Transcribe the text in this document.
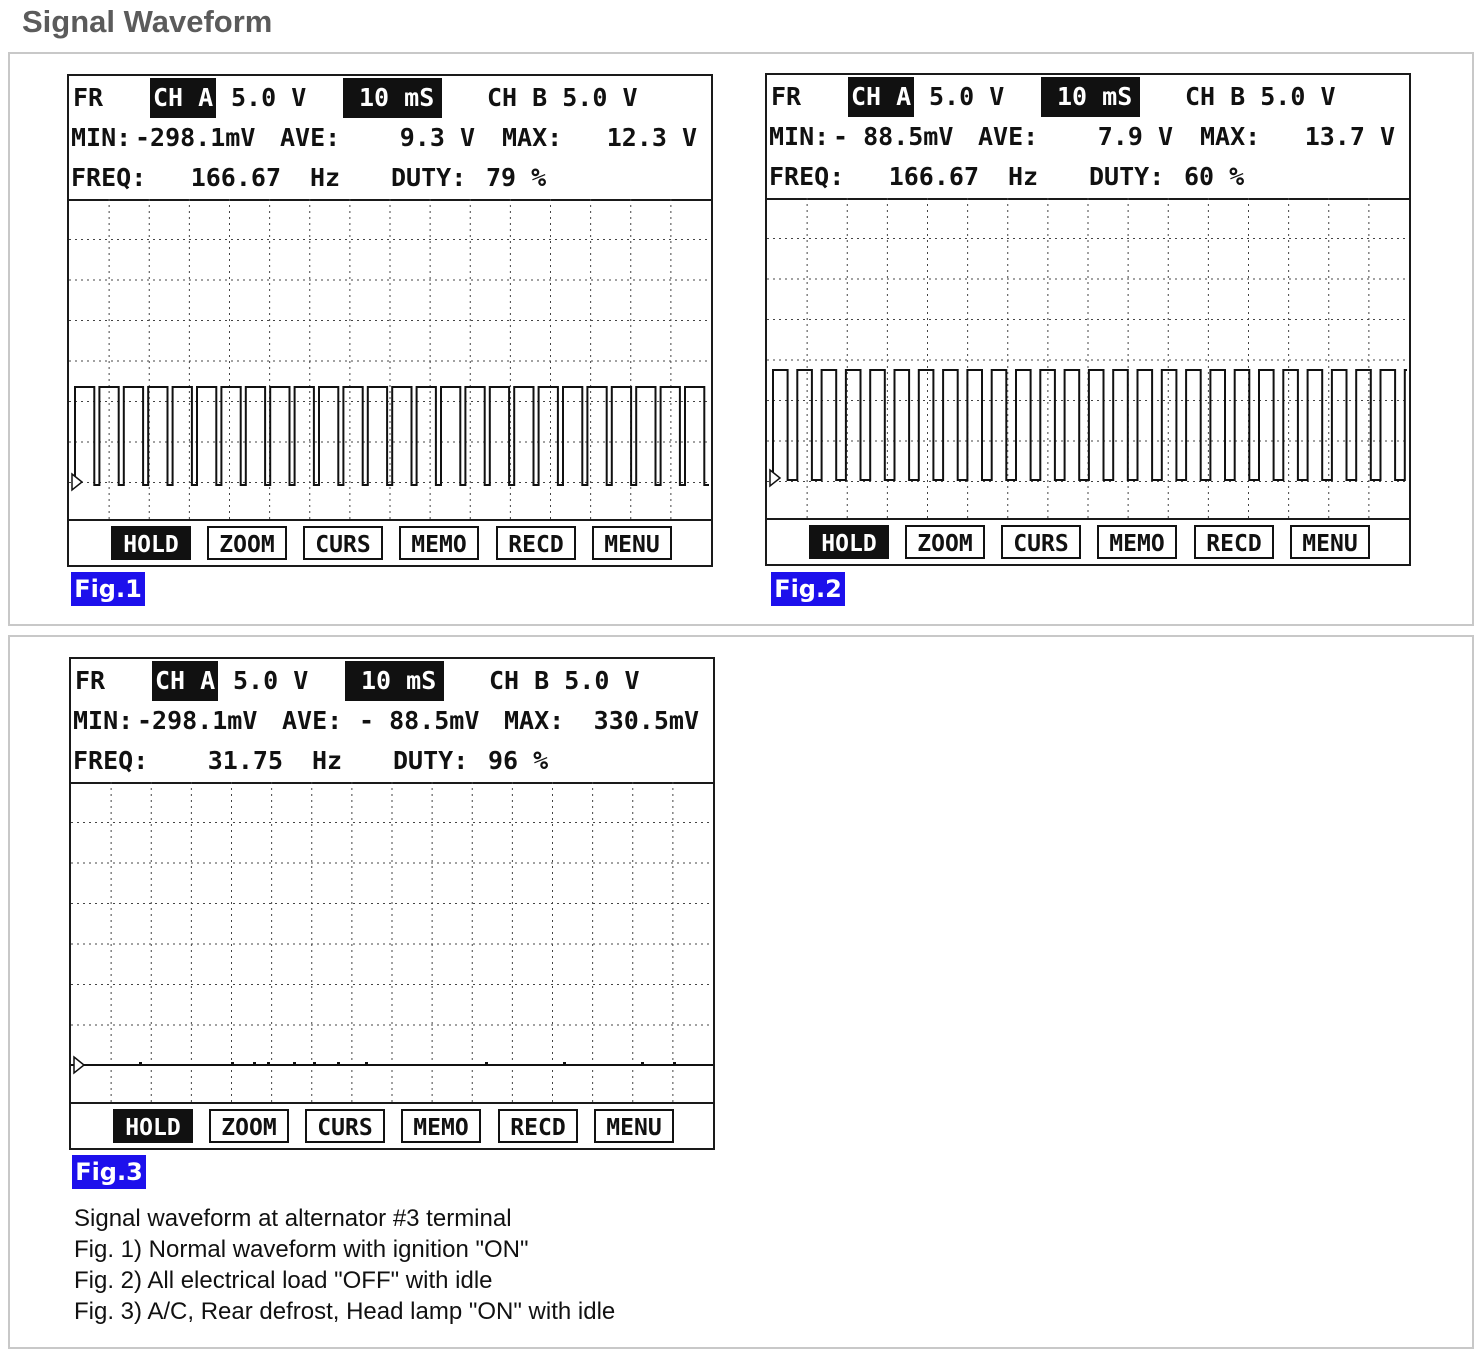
Signal Waveform

FR

CH A

5.0 V

	10 mS

	CH B 5.0 V

MIN:

-298.1mV

AVE:

	9.3 V

MAX:

	12.3 V

FREQ:

	166.67

Hz

DUTY:

79 %

HOLD	ZOOM	CURS	MEMO	RECD	MENU
Fig.1

FR

CH A

5.0 V

	10 mS

	CH B 5.0 V

MIN:

- 88.5mV

AVE:

	7.9 V

MAX:

	13.7 V

FREQ:

	166.67

Hz

DUTY:

60 %

HOLD	ZOOM	CURS	MEMO	RECD	MENU
Fig.2

FR

CH A

5.0 V

	10 mS

	CH B 5.0 V

MIN:

-298.1mV

AVE:

- 88.5mV

MAX:

	330.5mV

FREQ:

	31.75

Hz

DUTY:

96 %

HOLD	ZOOM	CURS	MEMO	RECD	MENU
Fig.3
Signal waveform at alternator #3 terminal
Fig. 1) Normal waveform with ignition "ON"
Fig. 2) All electrical load "OFF" with idle
Fig. 3) A/C, Rear defrost, Head lamp "ON" with idle
